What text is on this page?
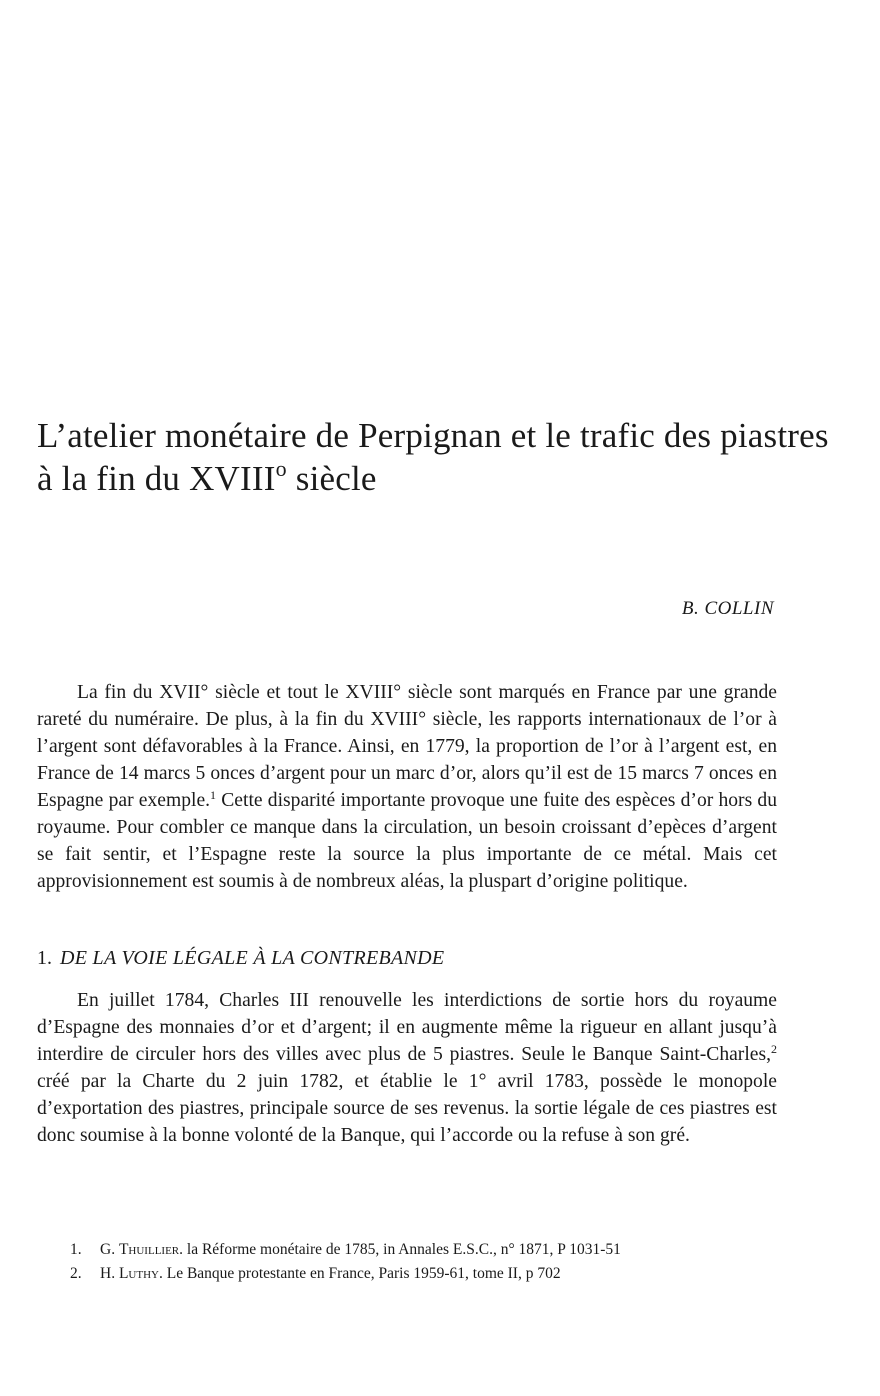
L’atelier monétaire de Perpignan et le trafic des piastres à la fin du XVIII$^o$ siècle
B. COLLIN

La fin du XVII° siècle et tout le XVIII° siècle sont marqués en France par une grande rareté du numéraire. De plus, à la fin du XVIII° siècle, les rapports internationaux de l’or à l’argent sont défavorables à la France. Ainsi, en 1779, la proportion de l’or à l’argent est, en France de 14 marcs 5 onces d’argent pour un marc d’or, alors qu’il est de 15 marcs 7 onces en Espagne par exemple.$^1$ Cette disparité importante provoque une fuite des espèces d’or hors du royaume. Pour combler ce manque dans la circulation, un besoin croissant d’epèces d’argent se fait sentir, et l’Espagne reste la source la plus importante de ce métal. Mais cet approvisionnement est soumis à de nombreux aléas, la pluspart d’origine politique.

1. DE LA VOIE LÉGALE À LA CONTREBANDE

En juillet 1784, Charles III renouvelle les interdictions de sortie hors du royaume d’Espagne des monnaies d’or et d’argent; il en augmente même la rigueur en allant jusqu’à interdire de circuler hors des villes avec plus de 5 piastres. Seule le Banque Saint-Charles,$^2$ créé par la Charte du 2 juin 1782, et établie le 1° avril 1783, possède le monopole d’exportation des piastres, principale source de ses revenus. la sortie légale de ces piastres est donc soumise à la bonne volonté de la Banque, qui l’accorde ou la refuse à son gré.

1.	G. Thuillier. la Réforme monétaire de 1785, in Annales E.S.C., n° 1871, P 1031-51
2.	H. Luthy. Le Banque protestante en France, Paris 1959-61, tome II, p 702
